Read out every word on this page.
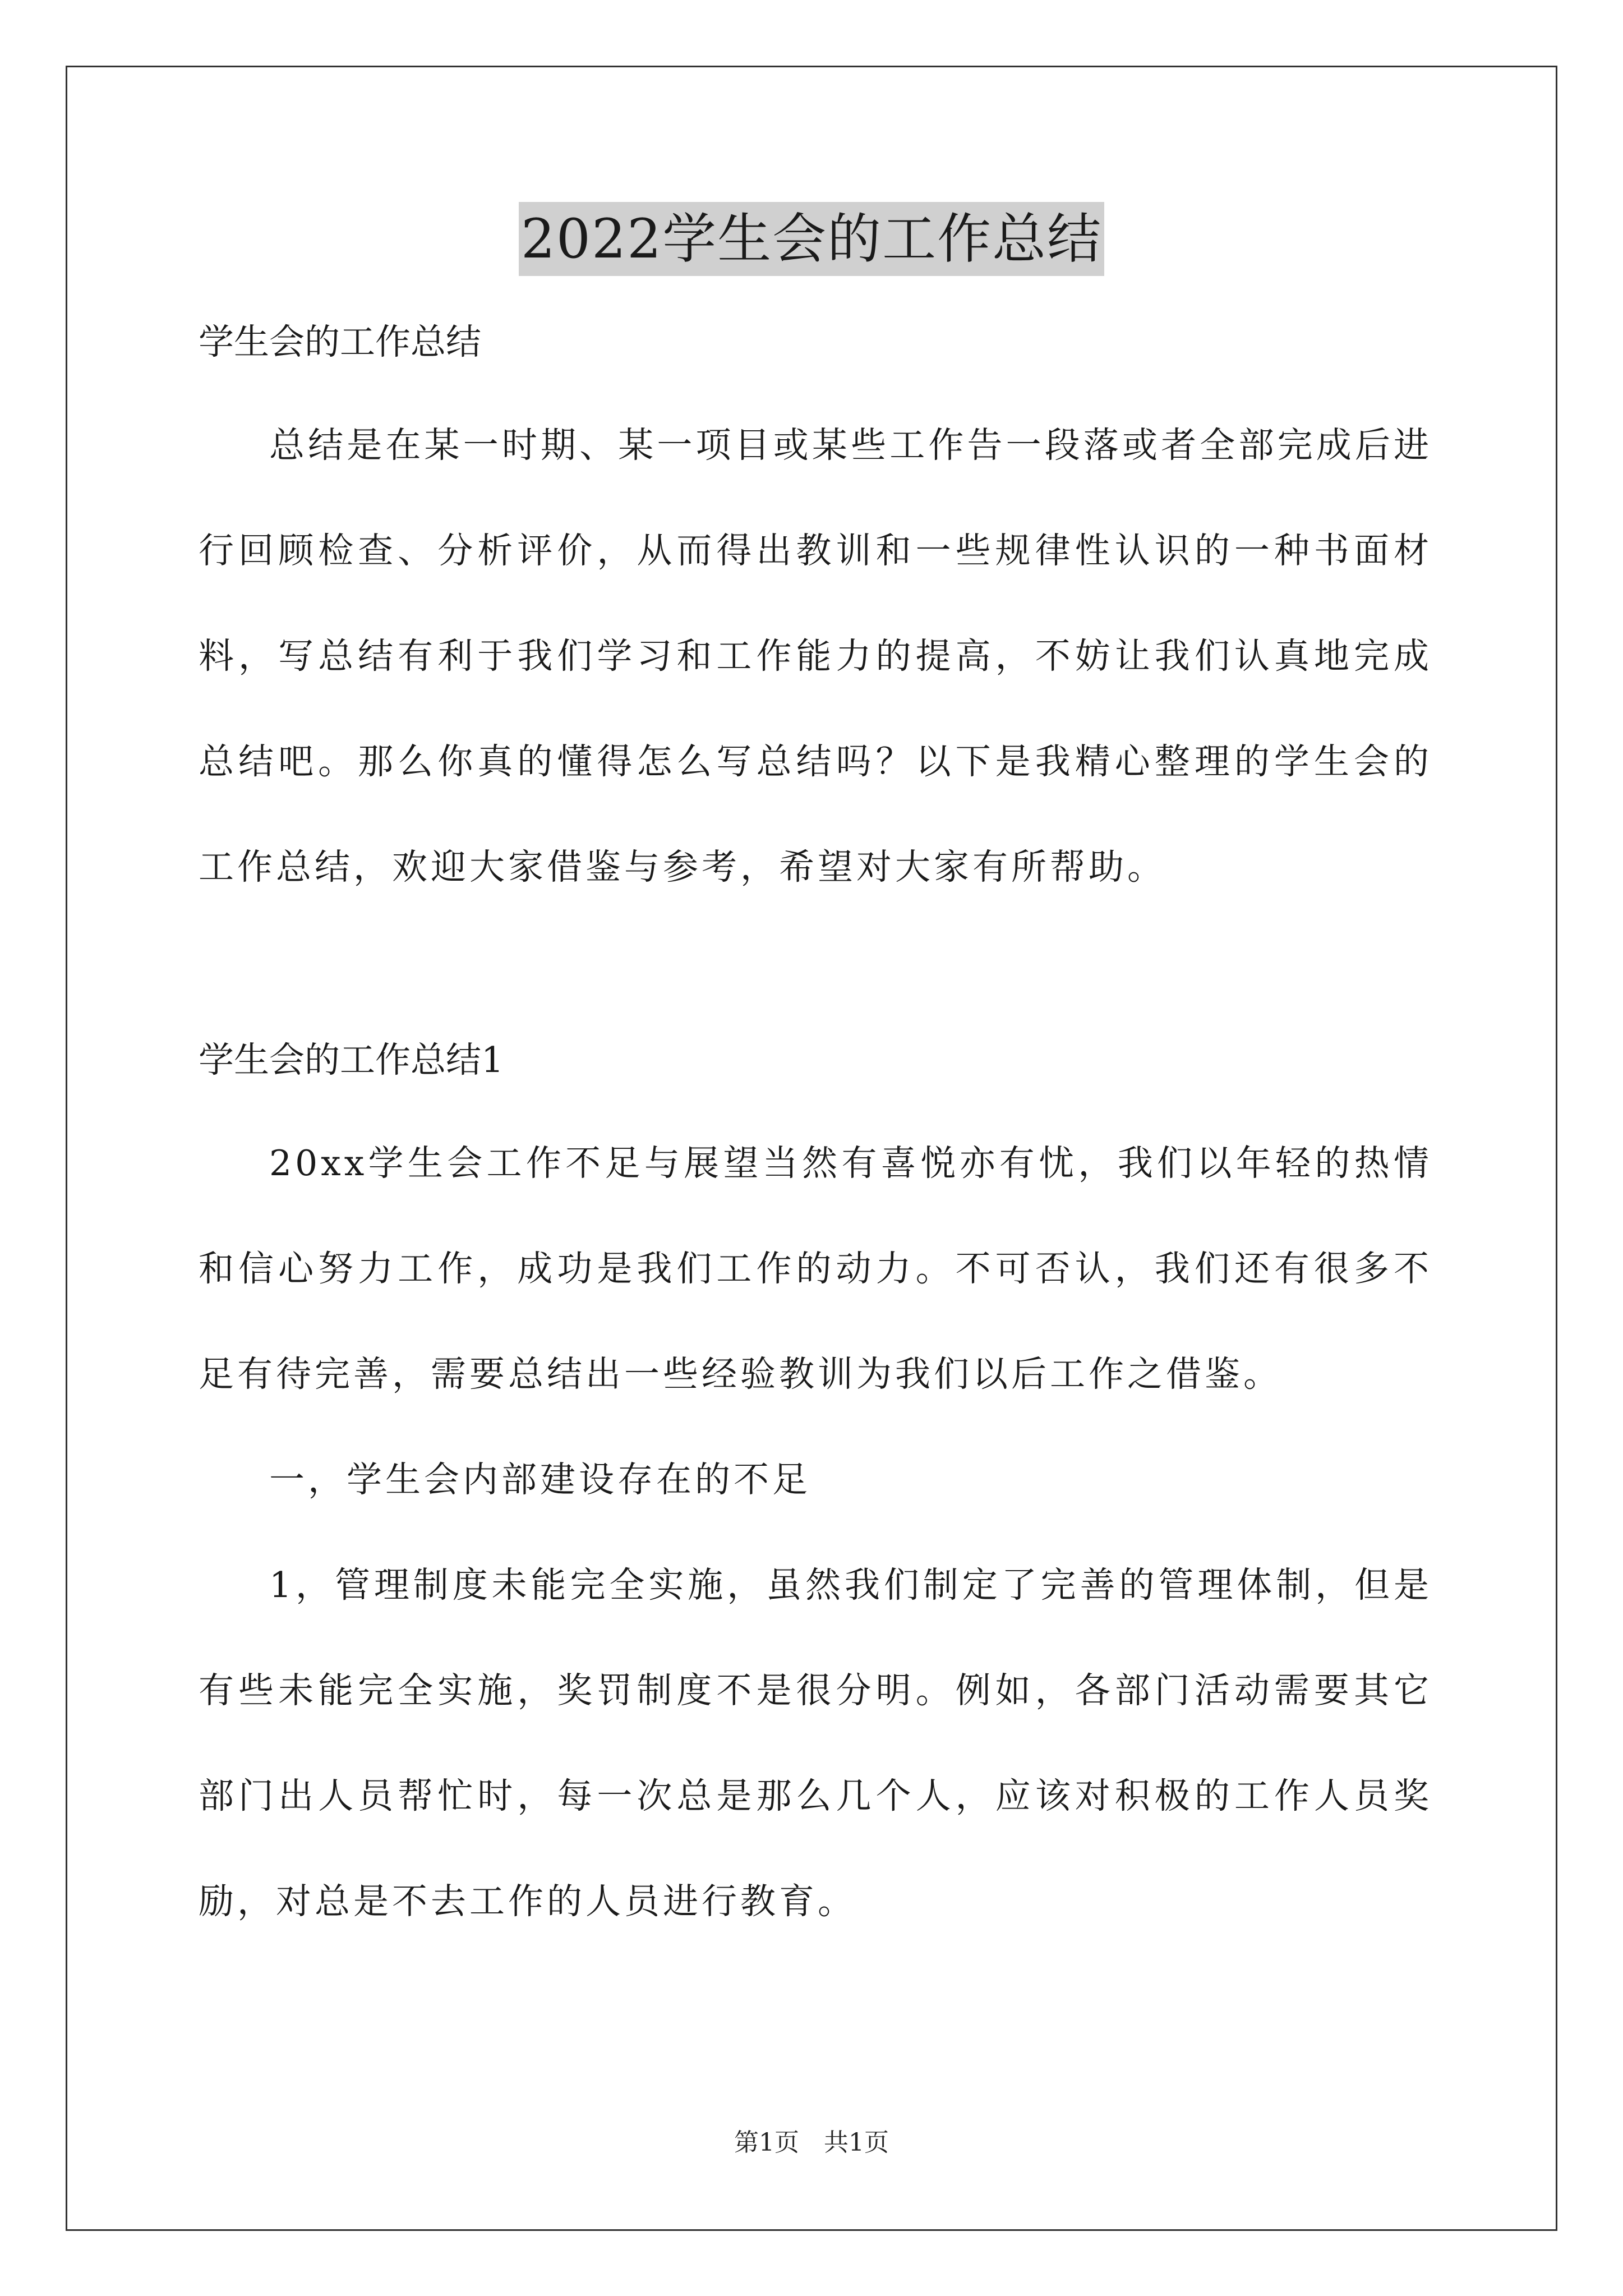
2022学生会的工作总结

学生会的工作总结

总结是在某一时期、某一项目或某些工作告一段落或者全部完成后进行回顾检查、分析评价，从而得出教训和一些规律性认识的一种书面材料，写总结有利于我们学习和工作能力的提高，不妨让我们认真地完成总结吧。那么你真的懂得怎么写总结吗？以下是我精心整理的学生会的工作总结，欢迎大家借鉴与参考，希望对大家有所帮助。

学生会的工作总结1

20xx学生会工作不足与展望当然有喜悦亦有忧，我们以年轻的热情和信心努力工作，成功是我们工作的动力。不可否认，我们还有很多不足有待完善，需要总结出一些经验教训为我们以后工作之借鉴。

一，学生会内部建设存在的不足

1，管理制度未能完全实施，虽然我们制定了完善的管理体制，但是有些未能完全实施，奖罚制度不是很分明。例如，各部门活动需要其它部门出人员帮忙时，每一次总是那么几个人，应该对积极的工作人员奖励，对总是不去工作的人员进行教育。

第1页 共1页
